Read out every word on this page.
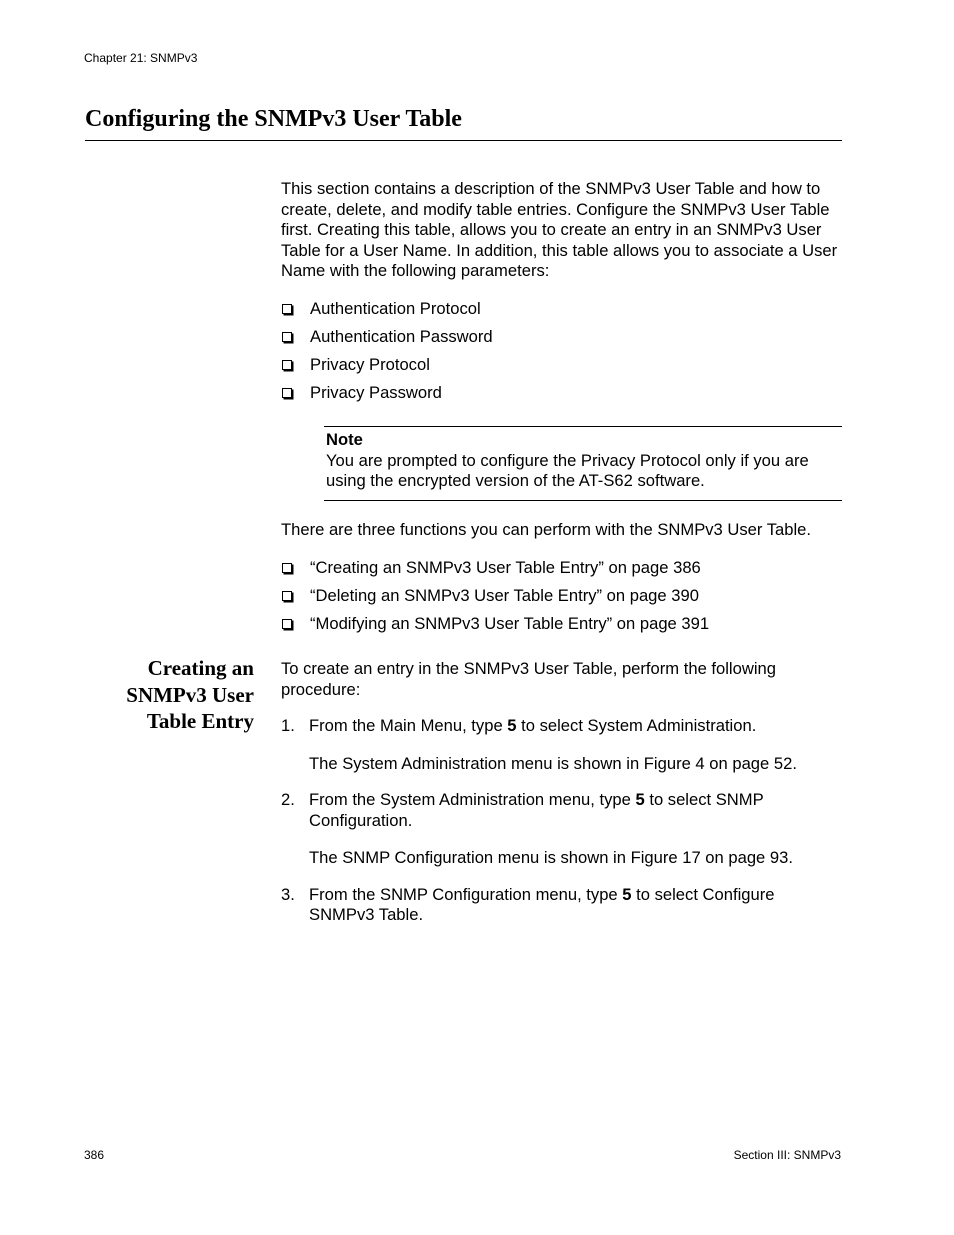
Chapter 21: SNMPv3
Configuring the SNMPv3 User Table

This section contains a description of the SNMPv3 User Table and how to create, delete, and modify table entries. Configure the SNMPv3 User Table first. Creating this table, allows you to create an entry in an SNMPv3 User Table for a User Name. In addition, this table allows you to associate a User Name with the following parameters:

Authentication Protocol
Authentication Password
Privacy Protocol
Privacy Password

Note

You are prompted to configure the Privacy Protocol only if you are using the encrypted version of the AT-S62 software.

There are three functions you can perform with the SNMPv3 User Table.

“Creating an SNMPv3 User Table Entry” on page 386
“Deleting an SNMPv3 User Table Entry” on page 390
“Modifying an SNMPv3 User Table Entry” on page 391
Creating an SNMPv3 User Table Entry

To create an entry in the SNMPv3 User Table, perform the following procedure:

1. From the Main Menu, type 5 to select System Administration.

The System Administration menu is shown in Figure 4 on page 52.

2. From the System Administration menu, type 5 to select SNMP Configuration.

The SNMP Configuration menu is shown in Figure 17 on page 93.

3. From the SNMP Configuration menu, type 5 to select Configure SNMPv3 Table.
386	Section III: SNMPv3
